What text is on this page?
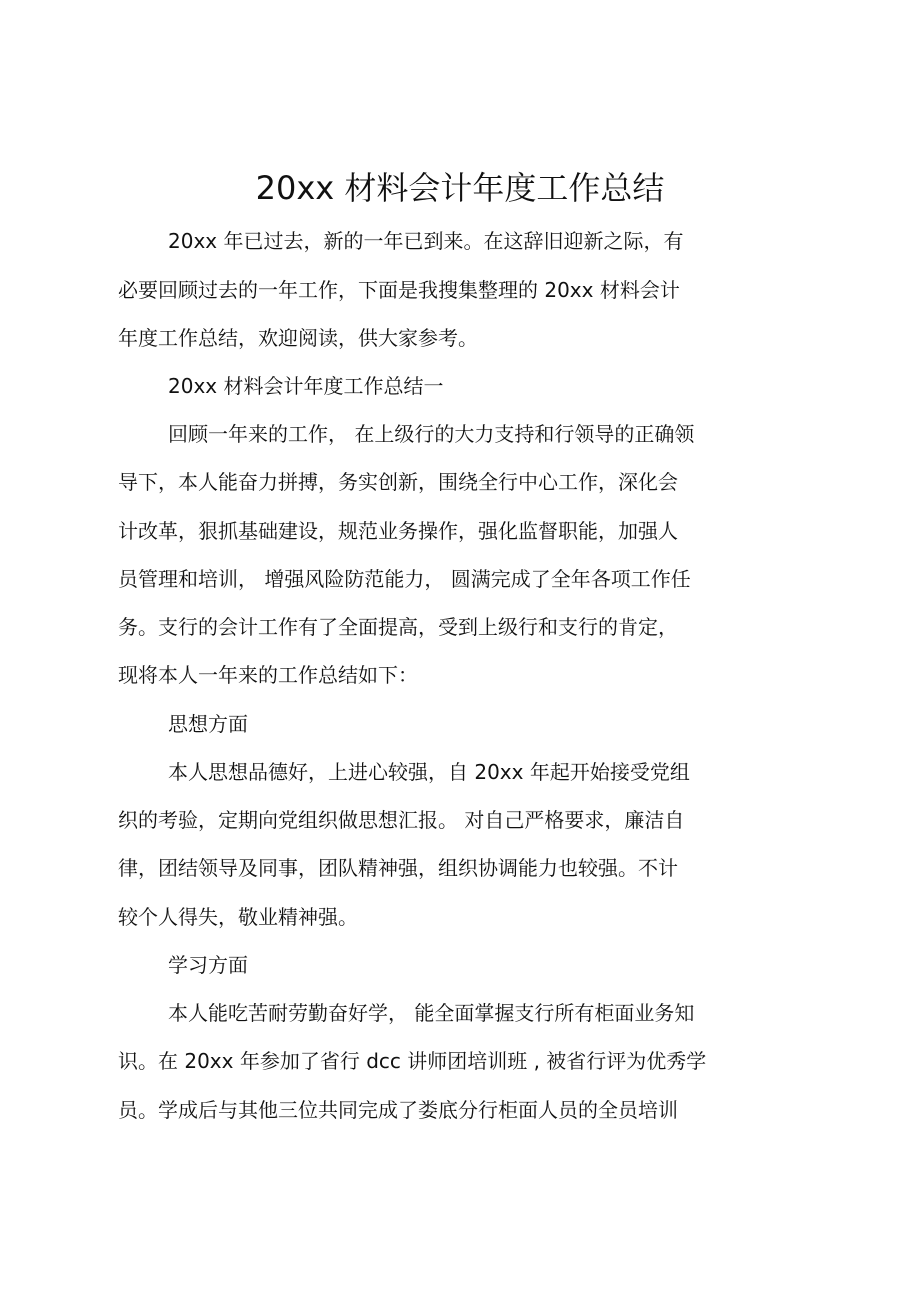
20xx 材料会计年度工作总结

20xx 年已过去，新的一年已到来。在这辞旧迎新之际，有

必要回顾过去的一年工作，下面是我搜集整理的 20xx 材料会计

年度工作总结，欢迎阅读，供大家参考。

20xx 材料会计年度工作总结一

回顾一年来的工作， 在上级行的大力支持和行领导的正确领

导下，本人能奋力拼搏，务实创新，围绕全行中心工作，深化会

计改革，狠抓基础建设，规范业务操作，强化监督职能，加强人

员管理和培训， 增强风险防范能力， 圆满完成了全年各项工作任

务。支行的会计工作有了全面提高，受到上级行和支行的肯定，

现将本人一年来的工作总结如下：

思想方面

本人思想品德好，上进心较强，自 20xx 年起开始接受党组

织的考验，定期向党组织做思想汇报。 对自己严格要求，廉洁自

律，团结领导及同事，团队精神强，组织协调能力也较强。不计

较个人得失，敬业精神强。

学习方面

本人能吃苦耐劳勤奋好学， 能全面掌握支行所有柜面业务知

识。在 20xx 年参加了省行 dcc 讲师团培训班 , 被省行评为优秀学

员。学成后与其他三位共同完成了娄底分行柜面人员的全员培训
